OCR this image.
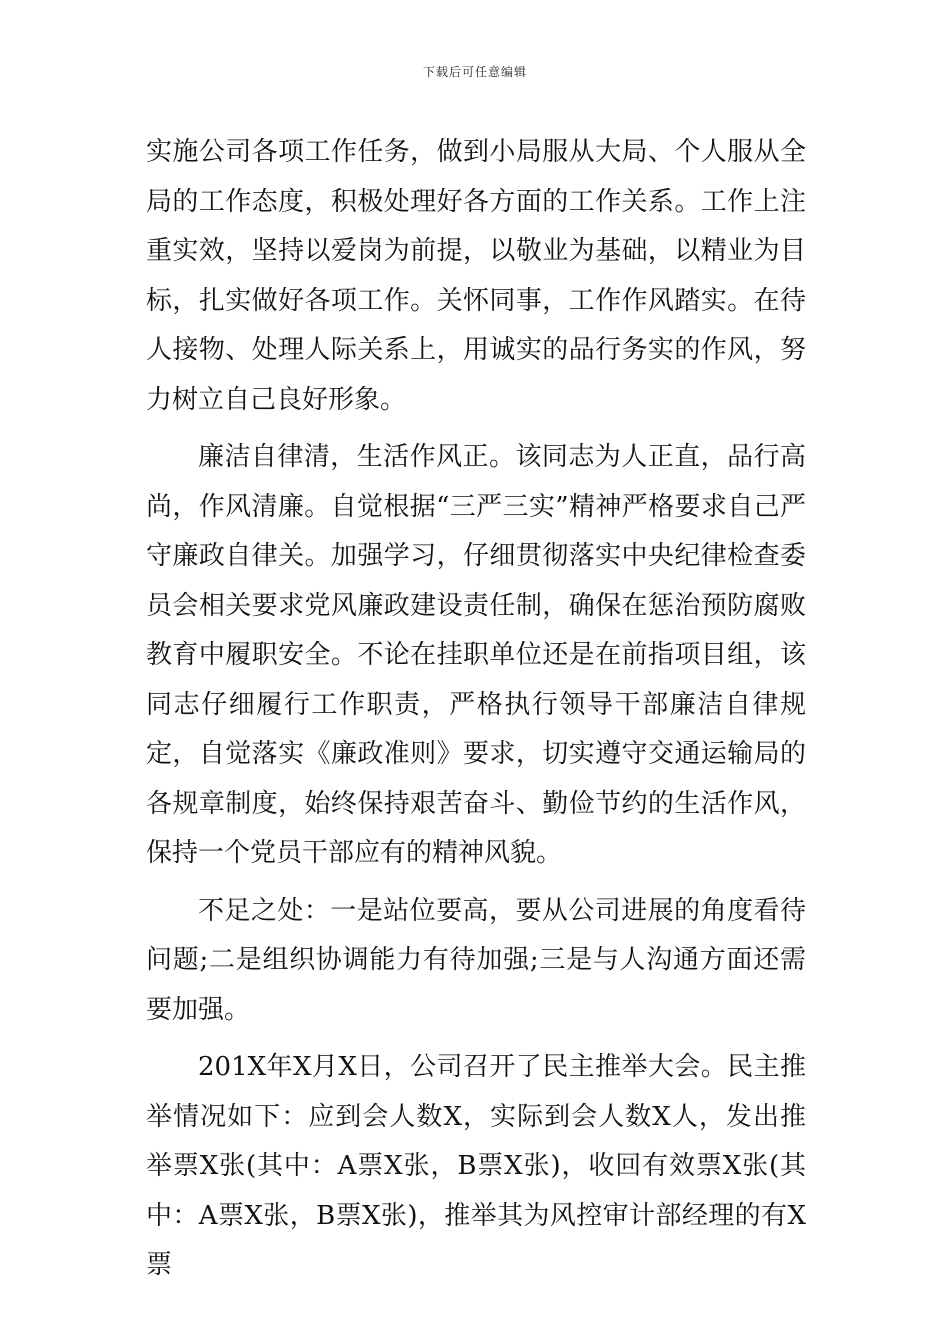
下载后可任意编辑

实施公司各项工作任务，做到小局服从大局、个人服从全局的工作态度，积极处理好各方面的工作关系。工作上注重实效，坚持以爱岗为前提，以敬业为基础，以精业为目标，扎实做好各项工作。关怀同事，工作作风踏实。在待人接物、处理人际关系上，用诚实的品行务实的作风，努力树立自己良好形象。

廉洁自律清，生活作风正。该同志为人正直，品行高尚，作风清廉。自觉根据“三严三实”精神严格要求自己严守廉政自律关。加强学习，仔细贯彻落实中央纪律检查委员会相关要求党风廉政建设责任制，确保在惩治预防腐败教育中履职安全。不论在挂职单位还是在前指项目组，该同志仔细履行工作职责，严格执行领导干部廉洁自律规定，自觉落实《廉政准则》要求，切实遵守交通运输局的各规章制度，始终保持艰苦奋斗、勤俭节约的生活作风，保持一个党员干部应有的精神风貌。

不足之处：一是站位要高，要从公司进展的角度看待问题;二是组织协调能力有待加强;三是与人沟通方面还需要加强。

201X年X月X日，公司召开了民主推举大会。民主推举情况如下：应到会人数X，实际到会人数X人，发出推举票X张(其中：A票X张，B票X张)，收回有效票X张(其中：A票X张，B票X张)，推举其为风控审计部经理的有X票
